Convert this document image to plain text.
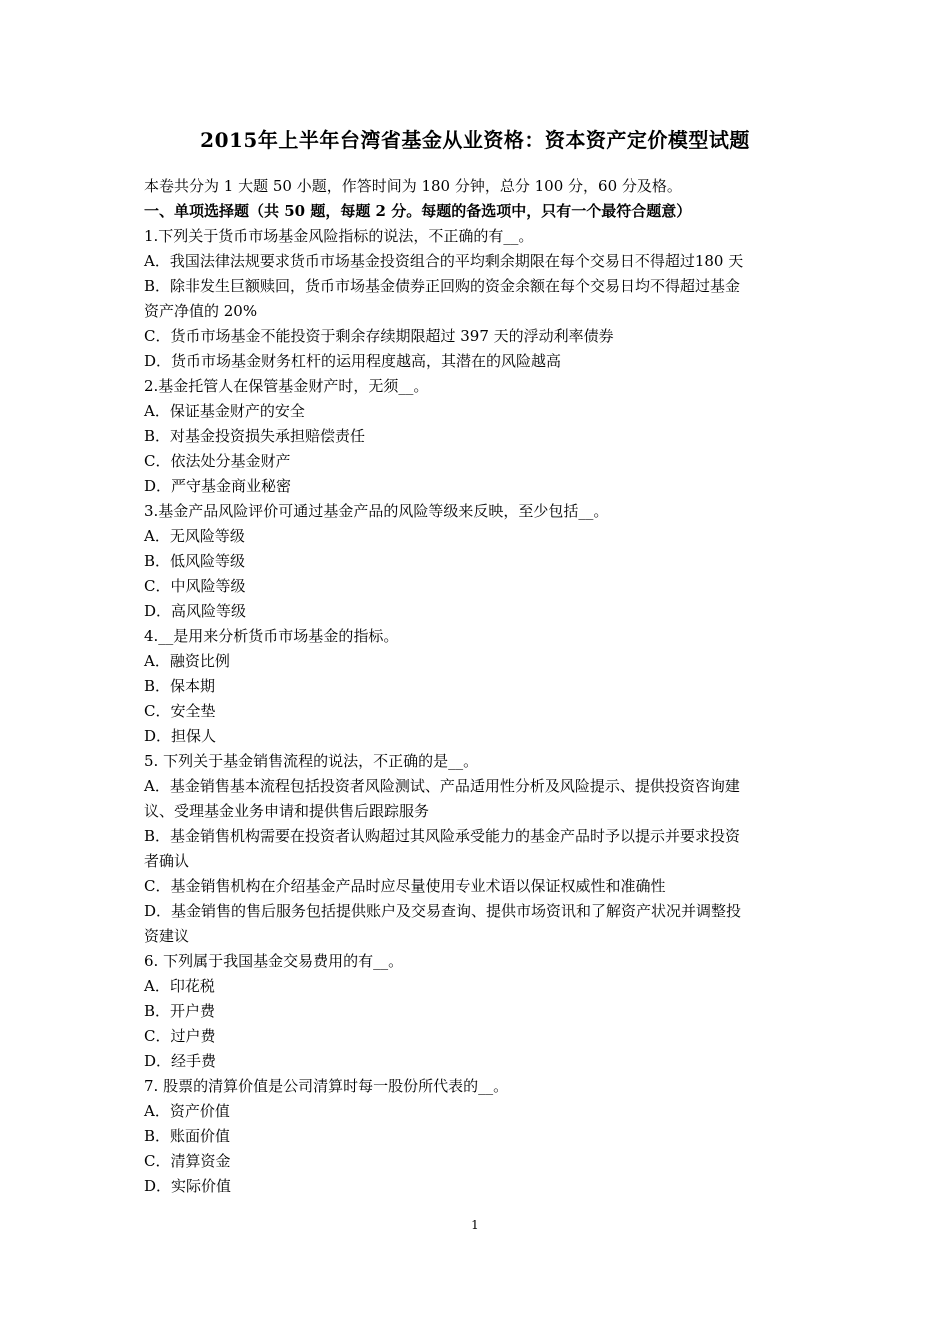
2015年上半年台湾省基金从业资格：资本资产定价模型试题

本卷共分为 1 大题 50 小题，作答时间为 180 分钟，总分 100 分，60 分及格。

一、单项选择题（共 50 题，每题 2 分。每题的备选项中，只有一个最符合题意）

1.下列关于货币市场基金风险指标的说法，不正确的有__。

A．我国法律法规要求货币市场基金投资组合的平均剩余期限在每个交易日不得超过180 天

B．除非发生巨额赎回，货币市场基金债券正回购的资金余额在每个交易日均不得超过基金

资产净值的 20%

C．货币市场基金不能投资于剩余存续期限超过 397 天的浮动利率债券

D．货币市场基金财务杠杆的运用程度越高，其潜在的风险越高

2.基金托管人在保管基金财产时，无须__。

A．保证基金财产的安全

B．对基金投资损失承担赔偿责任

C．依法处分基金财产

D．严守基金商业秘密

3.基金产品风险评价可通过基金产品的风险等级来反映，至少包括__。

A．无风险等级

B．低风险等级

C．中风险等级

D．高风险等级

4.__是用来分析货币市场基金的指标。

A．融资比例

B．保本期

C．安全垫

D．担保人

5. 下列关于基金销售流程的说法，不正确的是__。

A．基金销售基本流程包括投资者风险测试、产品适用性分析及风险提示、提供投资咨询建

议、受理基金业务申请和提供售后跟踪服务

B．基金销售机构需要在投资者认购超过其风险承受能力的基金产品时予以提示并要求投资

者确认

C．基金销售机构在介绍基金产品时应尽量使用专业术语以保证权威性和准确性

D．基金销售的售后服务包括提供账户及交易查询、提供市场资讯和了解资产状况并调整投

资建议

6. 下列属于我国基金交易费用的有__。

A．印花税

B．开户费

C．过户费

D．经手费

7. 股票的清算价值是公司清算时每一股份所代表的__。

A．资产价值

B．账面价值

C．清算资金

D．实际价值

1
